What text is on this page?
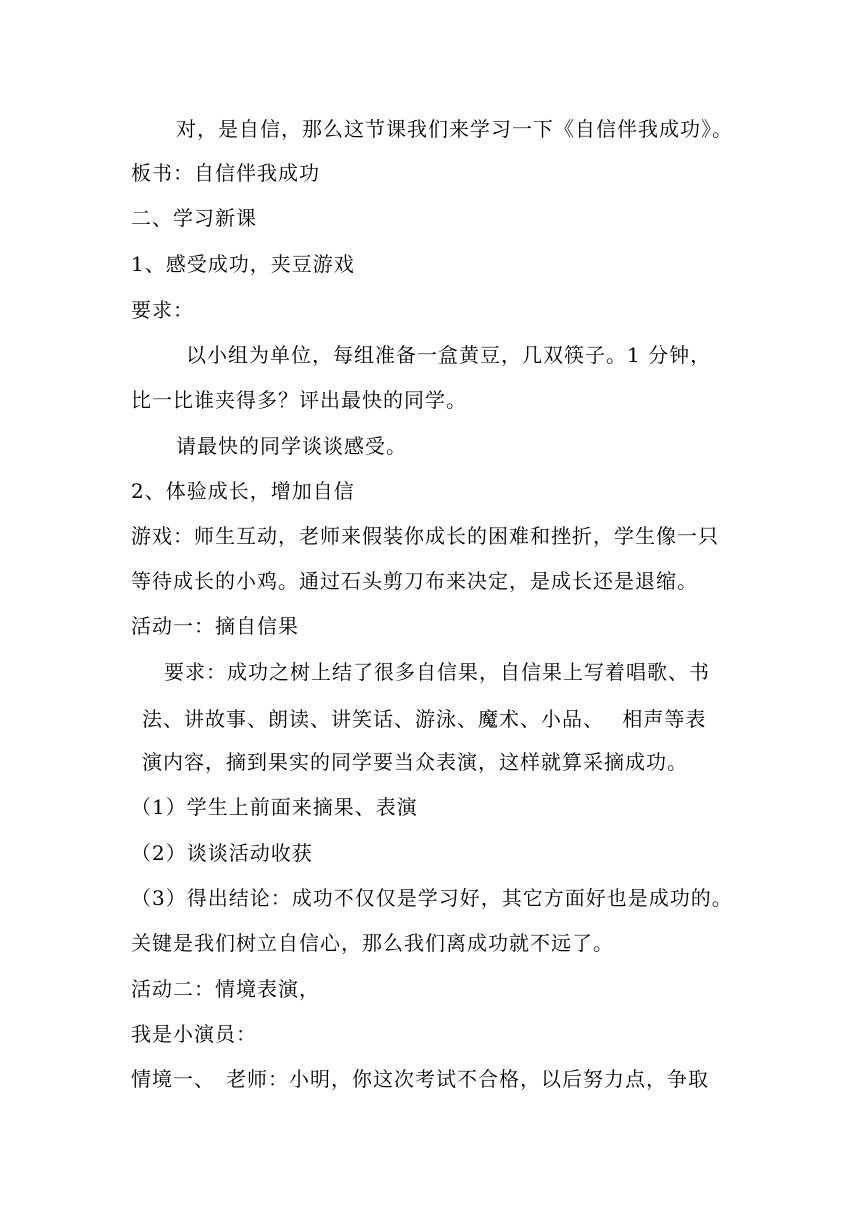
对，是自信，那么这节课我们来学习一下《自信伴我成功》。
板书：自信伴我成功
二、学习新课
1、感受成功，夹豆游戏
要求：
以小组为单位，每组准备一盒黄豆，几双筷子。1 分钟，
比一比谁夹得多？评出最快的同学。
请最快的同学谈谈感受。
2、体验成长，增加自信
游戏：师生互动，老师来假装你成长的困难和挫折，学生像一只
等待成长的小鸡。通过石头剪刀布来决定，是成长还是退缩。
活动一：摘自信果
要求：成功之树上结了很多自信果，自信果上写着唱歌、书
法、讲故事、朗读、讲笑话、游泳、魔术、小品、　 相声等表
演内容，摘到果实的同学要当众表演，这样就算采摘成功。
（1）学生上前面来摘果、表演
（2）谈谈活动收获
（3）得出结论：成功不仅仅是学习好，其它方面好也是成功的。
关键是我们树立自信心，那么我们离成功就不远了。
活动二：情境表演，
我是小演员：
情境一、　老师：小明，你这次考试不合格，以后努力点，争取
